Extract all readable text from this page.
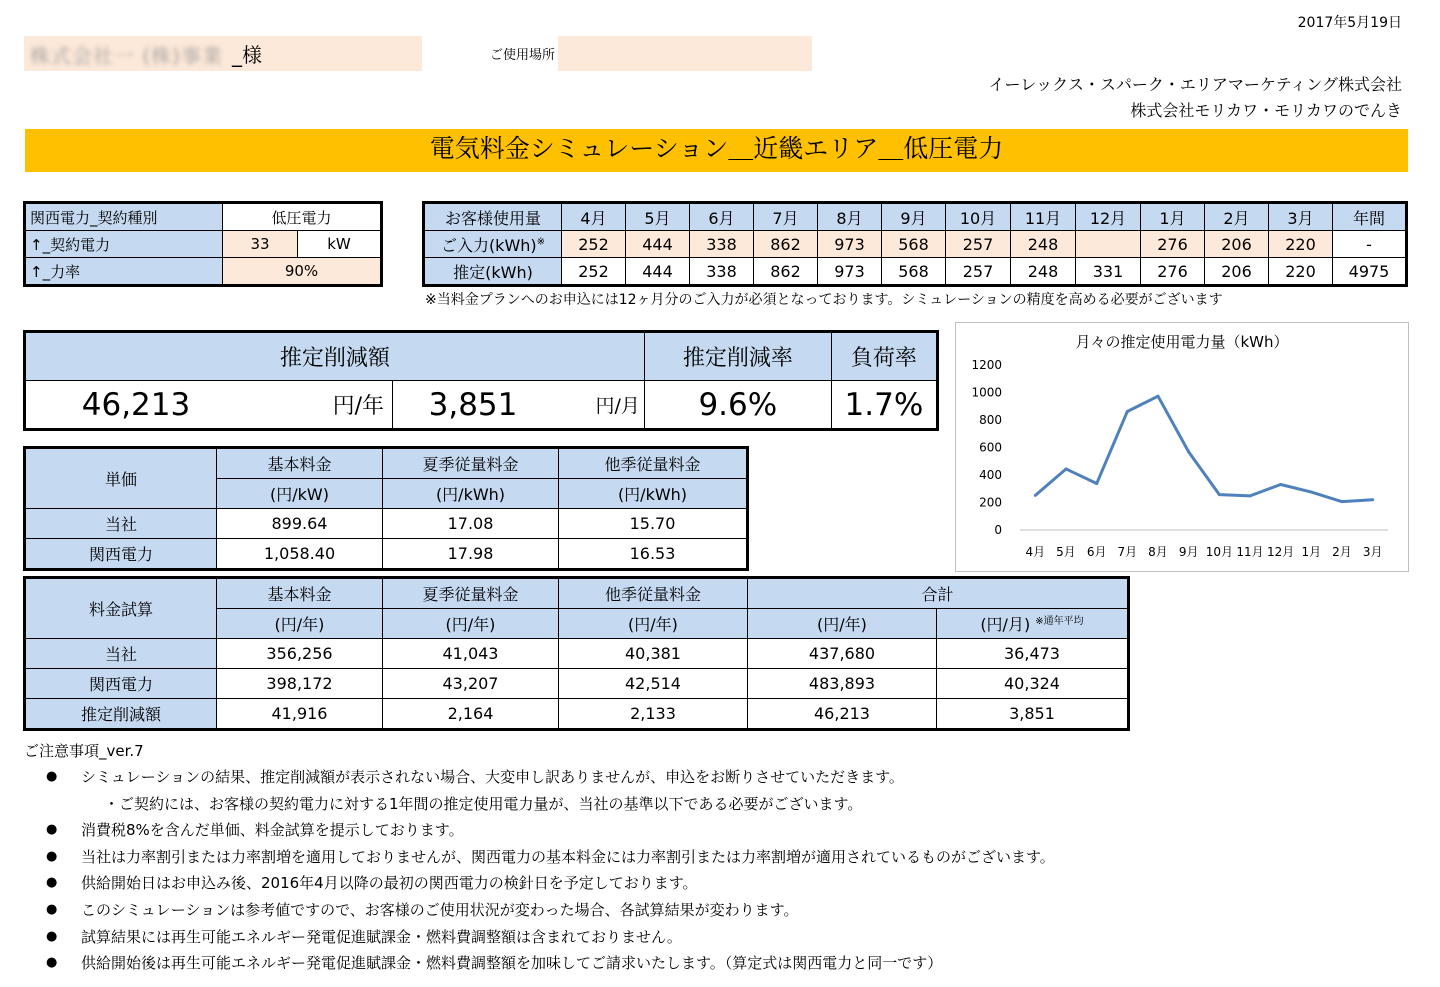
2017年5月19日
株式会社一 (株)事業 _様	ご使用場所
イーレックス・スパーク・エリアマーケティング株式会社
株式会社モリカワ・モリカワのでんき
電気料金シミュレーション＿近畿エリア＿低圧電力
関西電力_契約種別	低圧電力	
↑_契約電力	33	kW
↑_力率	90%	
お客様使用量	4月	5月	6月	7月	8月	9月	10月	11月	12月	1月	2月	3月	年間
ご入力(kWh)※	252	444	338	862	973	568	257	248		276	206	220	-
推定(kWh)	252	444	338	862	973	568	257	248	331	276	206	220	4975
※当料金プランへのお申込には12ヶ月分のご入力が必須となっております。シミュレーションの精度を高める必要がございます
推定削減額				推定削減率	負荷率
46,213	円/年	3,851	円/月	9.6%	1.7%
単価	基本料金	夏季従量料金	他季従量料金
	(円/kW)	(円/kWh)	(円/kWh)
当社	899.64	17.08	15.70
関西電力	1,058.40	17.98	16.53
料金試算	基本料金	夏季従量料金	他季従量料金	合計	
	(円/年)	(円/年)	(円/年)	(円/年)	(円/月) $^{※通年平均}$
当社	356,256	41,043	40,381	437,680	36,473
関西電力	398,172	43,207	42,514	483,893	40,324
推定削減額	41,916	2,164	2,133	46,213	3,851
月々の推定使用電力量（kWh）
0
200
400
600
800
1000
1200
4月 5月 6月 7月 8月 9月 10月 11月 12月 1月 2月 3月
ご注意事項_ver.7
● シミュレーションの結果、推定削減額が表示されない場合、大変申し訳ありませんが、申込をお断りさせていただきます。
・ご契約には、お客様の契約電力に対する1年間の推定使用電力量が、当社の基準以下である必要がございます。
● 消費税8%を含んだ単価、料金試算を提示しております。
● 当社は力率割引または力率割増を適用しておりませんが、関西電力の基本料金には力率割引または力率割増が適用されているものがございます。
● 供給開始日はお申込み後、2016年4月以降の最初の関西電力の検針日を予定しております。
● このシミュレーションは参考値ですので、お客様のご使用状況が変わった場合、各試算結果が変わります。
● 試算結果には再生可能エネルギー発電促進賦課金・燃料費調整額は含まれておりません。
● 供給開始後は再生可能エネルギー発電促進賦課金・燃料費調整額を加味してご請求いたします。（算定式は関西電力と同一です）
